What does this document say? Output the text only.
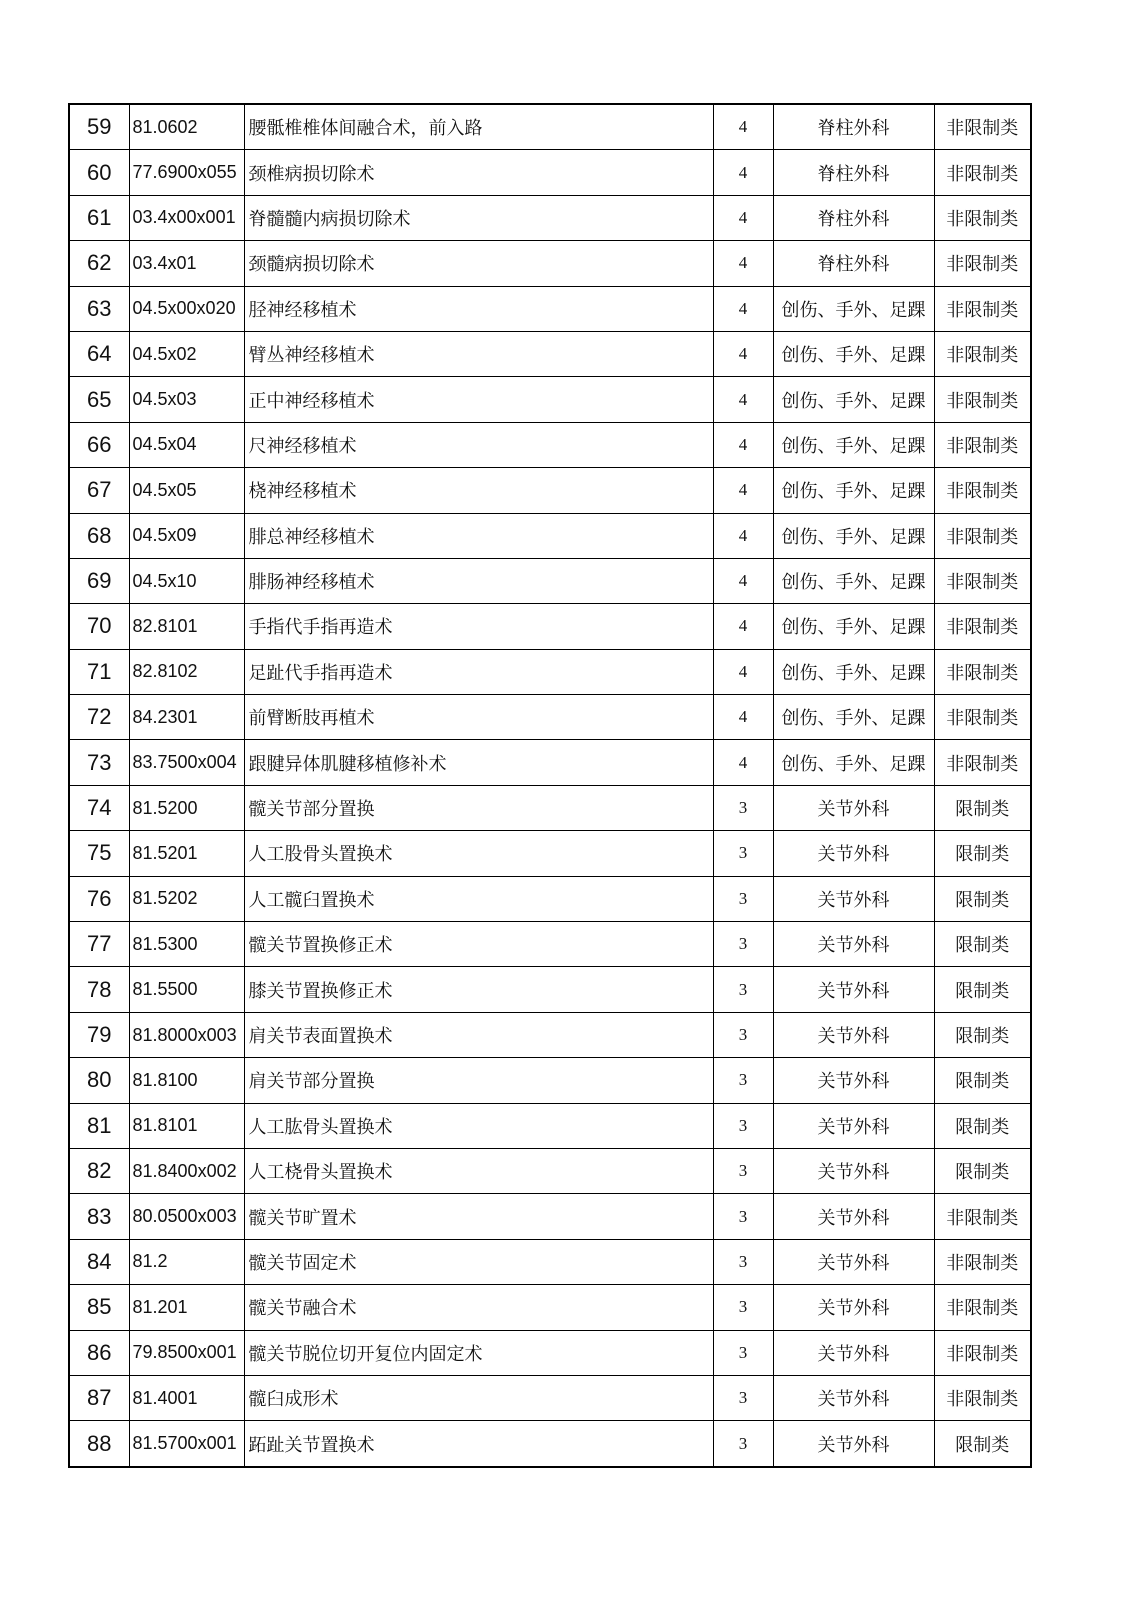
59	81.0602	腰骶椎椎体间融合术，前入路	4	脊柱外科	非限制类
60	77.6900x055	颈椎病损切除术	4	脊柱外科	非限制类
61	03.4x00x001	脊髓髓内病损切除术	4	脊柱外科	非限制类
62	03.4x01	颈髓病损切除术	4	脊柱外科	非限制类
63	04.5x00x020	胫神经移植术	4	创伤、手外、足踝	非限制类
64	04.5x02	臂丛神经移植术	4	创伤、手外、足踝	非限制类
65	04.5x03	正中神经移植术	4	创伤、手外、足踝	非限制类
66	04.5x04	尺神经移植术	4	创伤、手外、足踝	非限制类
67	04.5x05	桡神经移植术	4	创伤、手外、足踝	非限制类
68	04.5x09	腓总神经移植术	4	创伤、手外、足踝	非限制类
69	04.5x10	腓肠神经移植术	4	创伤、手外、足踝	非限制类
70	82.8101	手指代手指再造术	4	创伤、手外、足踝	非限制类
71	82.8102	足趾代手指再造术	4	创伤、手外、足踝	非限制类
72	84.2301	前臂断肢再植术	4	创伤、手外、足踝	非限制类
73	83.7500x004	跟腱异体肌腱移植修补术	4	创伤、手外、足踝	非限制类
74	81.5200	髋关节部分置换	3	关节外科	限制类
75	81.5201	人工股骨头置换术	3	关节外科	限制类
76	81.5202	人工髋臼置换术	3	关节外科	限制类
77	81.5300	髋关节置换修正术	3	关节外科	限制类
78	81.5500	膝关节置换修正术	3	关节外科	限制类
79	81.8000x003	肩关节表面置换术	3	关节外科	限制类
80	81.8100	肩关节部分置换	3	关节外科	限制类
81	81.8101	人工肱骨头置换术	3	关节外科	限制类
82	81.8400x002	人工桡骨头置换术	3	关节外科	限制类
83	80.0500x003	髋关节旷置术	3	关节外科	非限制类
84	81.2	髋关节固定术	3	关节外科	非限制类
85	81.201	髋关节融合术	3	关节外科	非限制类
86	79.8500x001	髋关节脱位切开复位内固定术	3	关节外科	非限制类
87	81.4001	髋臼成形术	3	关节外科	非限制类
88	81.5700x001	跖趾关节置换术	3	关节外科	限制类
